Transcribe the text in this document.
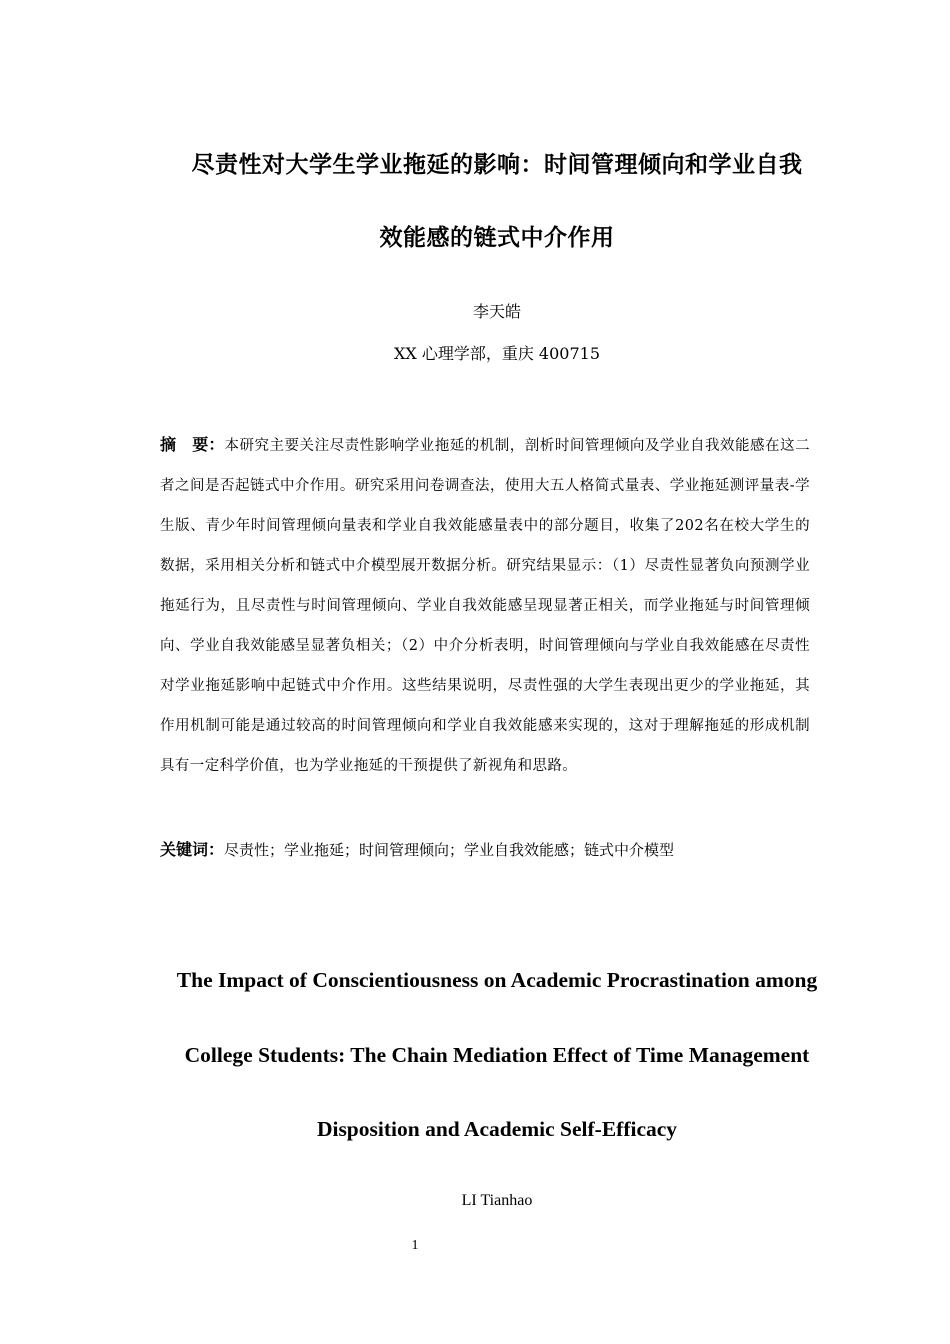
尽责性对大学生学业拖延的影响：时间管理倾向和学业自我
效能感的链式中介作用
李天皓
XX 心理学部，重庆 400715
摘　要：本研究主要关注尽责性影响学业拖延的机制，剖析时间管理倾向及学业自我效能感在这二者之间是否起链式中介作用。研究采用问卷调查法，使用大五人格简式量表、学业拖延测评量表-学生版、青少年时间管理倾向量表和学业自我效能感量表中的部分题目，收集了202名在校大学生的数据，采用相关分析和链式中介模型展开数据分析。研究结果显示：（1）尽责性显著负向预测学业拖延行为，且尽责性与时间管理倾向、学业自我效能感呈现显著正相关，而学业拖延与时间管理倾向、学业自我效能感呈显著负相关；（2）中介分析表明，时间管理倾向与学业自我效能感在尽责性对学业拖延影响中起链式中介作用。这些结果说明，尽责性强的大学生表现出更少的学业拖延，其作用机制可能是通过较高的时间管理倾向和学业自我效能感来实现的，这对于理解拖延的形成机制具有一定科学价值，也为学业拖延的干预提供了新视角和思路。
关键词：尽责性；学业拖延；时间管理倾向；学业自我效能感；链式中介模型
The Impact of Conscientiousness on Academic Procrastination among
College Students: The Chain Mediation Effect of Time Management
Disposition and Academic Self-Efficacy
LI Tianhao
1
